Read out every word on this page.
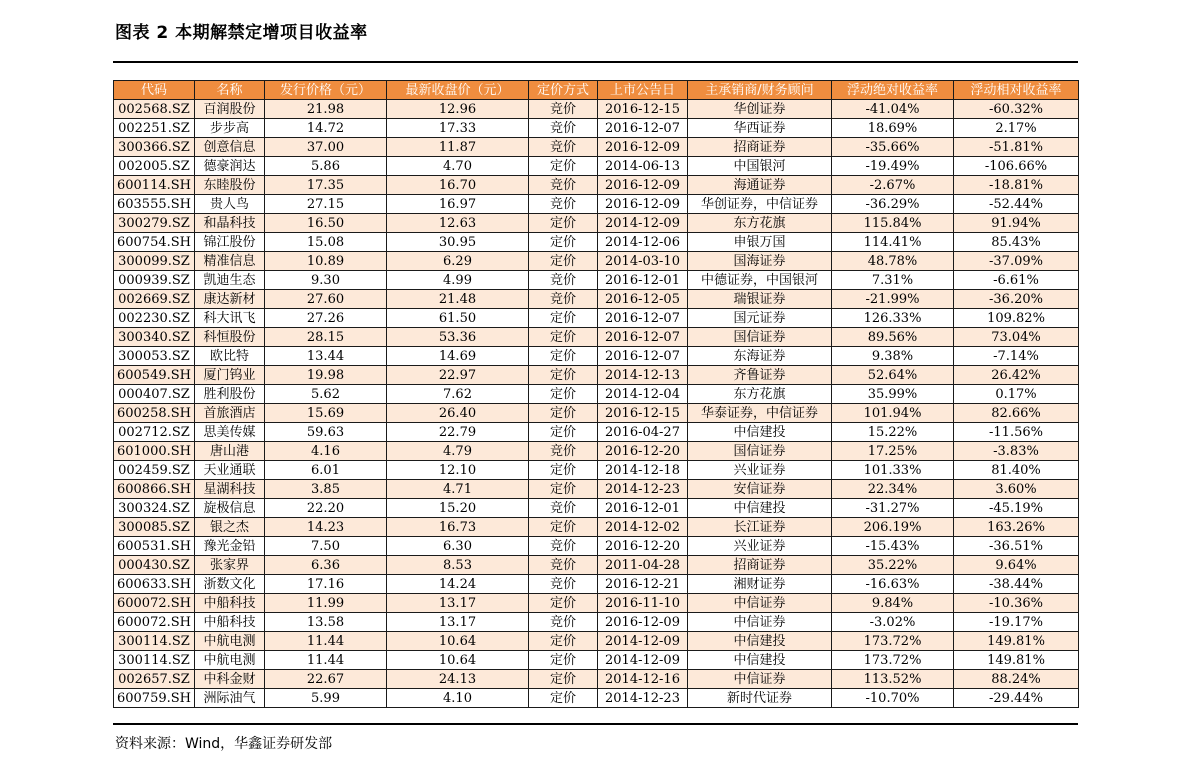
图表 2 本期解禁定增项目收益率
代码	名称	发行价格（元）	最新收盘价（元）	定价方式	上市公告日	主承销商/财务顾问	浮动绝对收益率	浮动相对收益率
002568.SZ	百润股份	21.98	12.96	竞价	2016-12-15	华创证券	-41.04%	-60.32%
002251.SZ	步步高	14.72	17.33	竞价	2016-12-07	华西证券	18.69%	2.17%
300366.SZ	创意信息	37.00	11.87	竞价	2016-12-09	招商证券	-35.66%	-51.81%
002005.SZ	德豪润达	5.86	4.70	定价	2014-06-13	中国银河	-19.49%	-106.66%
600114.SH	东睦股份	17.35	16.70	竞价	2016-12-09	海通证券	-2.67%	-18.81%
603555.SH	贵人鸟	27.15	16.97	竞价	2016-12-09	华创证券，中信证券	-36.29%	-52.44%
300279.SZ	和晶科技	16.50	12.63	定价	2014-12-09	东方花旗	115.84%	91.94%
600754.SH	锦江股份	15.08	30.95	定价	2014-12-06	申银万国	114.41%	85.43%
300099.SZ	精准信息	10.89	6.29	定价	2014-03-10	国海证券	48.78%	-37.09%
000939.SZ	凯迪生态	9.30	4.99	竞价	2016-12-01	中德证券，中国银河	7.31%	-6.61%
002669.SZ	康达新材	27.60	21.48	竞价	2016-12-05	瑞银证券	-21.99%	-36.20%
002230.SZ	科大讯飞	27.26	61.50	定价	2016-12-07	国元证券	126.33%	109.82%
300340.SZ	科恒股份	28.15	53.36	定价	2016-12-07	国信证券	89.56%	73.04%
300053.SZ	欧比特	13.44	14.69	定价	2016-12-07	东海证券	9.38%	-7.14%
600549.SH	厦门钨业	19.98	22.97	定价	2014-12-13	齐鲁证券	52.64%	26.42%
000407.SZ	胜利股份	5.62	7.62	定价	2014-12-04	东方花旗	35.99%	0.17%
600258.SH	首旅酒店	15.69	26.40	定价	2016-12-15	华泰证券，中信证券	101.94%	82.66%
002712.SZ	思美传媒	59.63	22.79	定价	2016-04-27	中信建投	15.22%	-11.56%
601000.SH	唐山港	4.16	4.79	竞价	2016-12-20	国信证券	17.25%	-3.83%
002459.SZ	天业通联	6.01	12.10	定价	2014-12-18	兴业证券	101.33%	81.40%
600866.SH	星湖科技	3.85	4.71	定价	2014-12-23	安信证券	22.34%	3.60%
300324.SZ	旋极信息	22.20	15.20	竞价	2016-12-01	中信建投	-31.27%	-45.19%
300085.SZ	银之杰	14.23	16.73	定价	2014-12-02	长江证券	206.19%	163.26%
600531.SH	豫光金铅	7.50	6.30	竞价	2016-12-20	兴业证券	-15.43%	-36.51%
000430.SZ	张家界	6.36	8.53	竞价	2011-04-28	招商证券	35.22%	9.64%
600633.SH	浙数文化	17.16	14.24	竞价	2016-12-21	湘财证券	-16.63%	-38.44%
600072.SH	中船科技	11.99	13.17	定价	2016-11-10	中信证券	9.84%	-10.36%
600072.SH	中船科技	13.58	13.17	竞价	2016-12-09	中信证券	-3.02%	-19.17%
300114.SZ	中航电测	11.44	10.64	定价	2014-12-09	中信建投	173.72%	149.81%
300114.SZ	中航电测	11.44	10.64	定价	2014-12-09	中信建投	173.72%	149.81%
002657.SZ	中科金财	22.67	24.13	定价	2014-12-16	中信证券	113.52%	88.24%
600759.SH	洲际油气	5.99	4.10	定价	2014-12-23	新时代证券	-10.70%	-29.44%
资料来源：Wind，华鑫证券研发部
